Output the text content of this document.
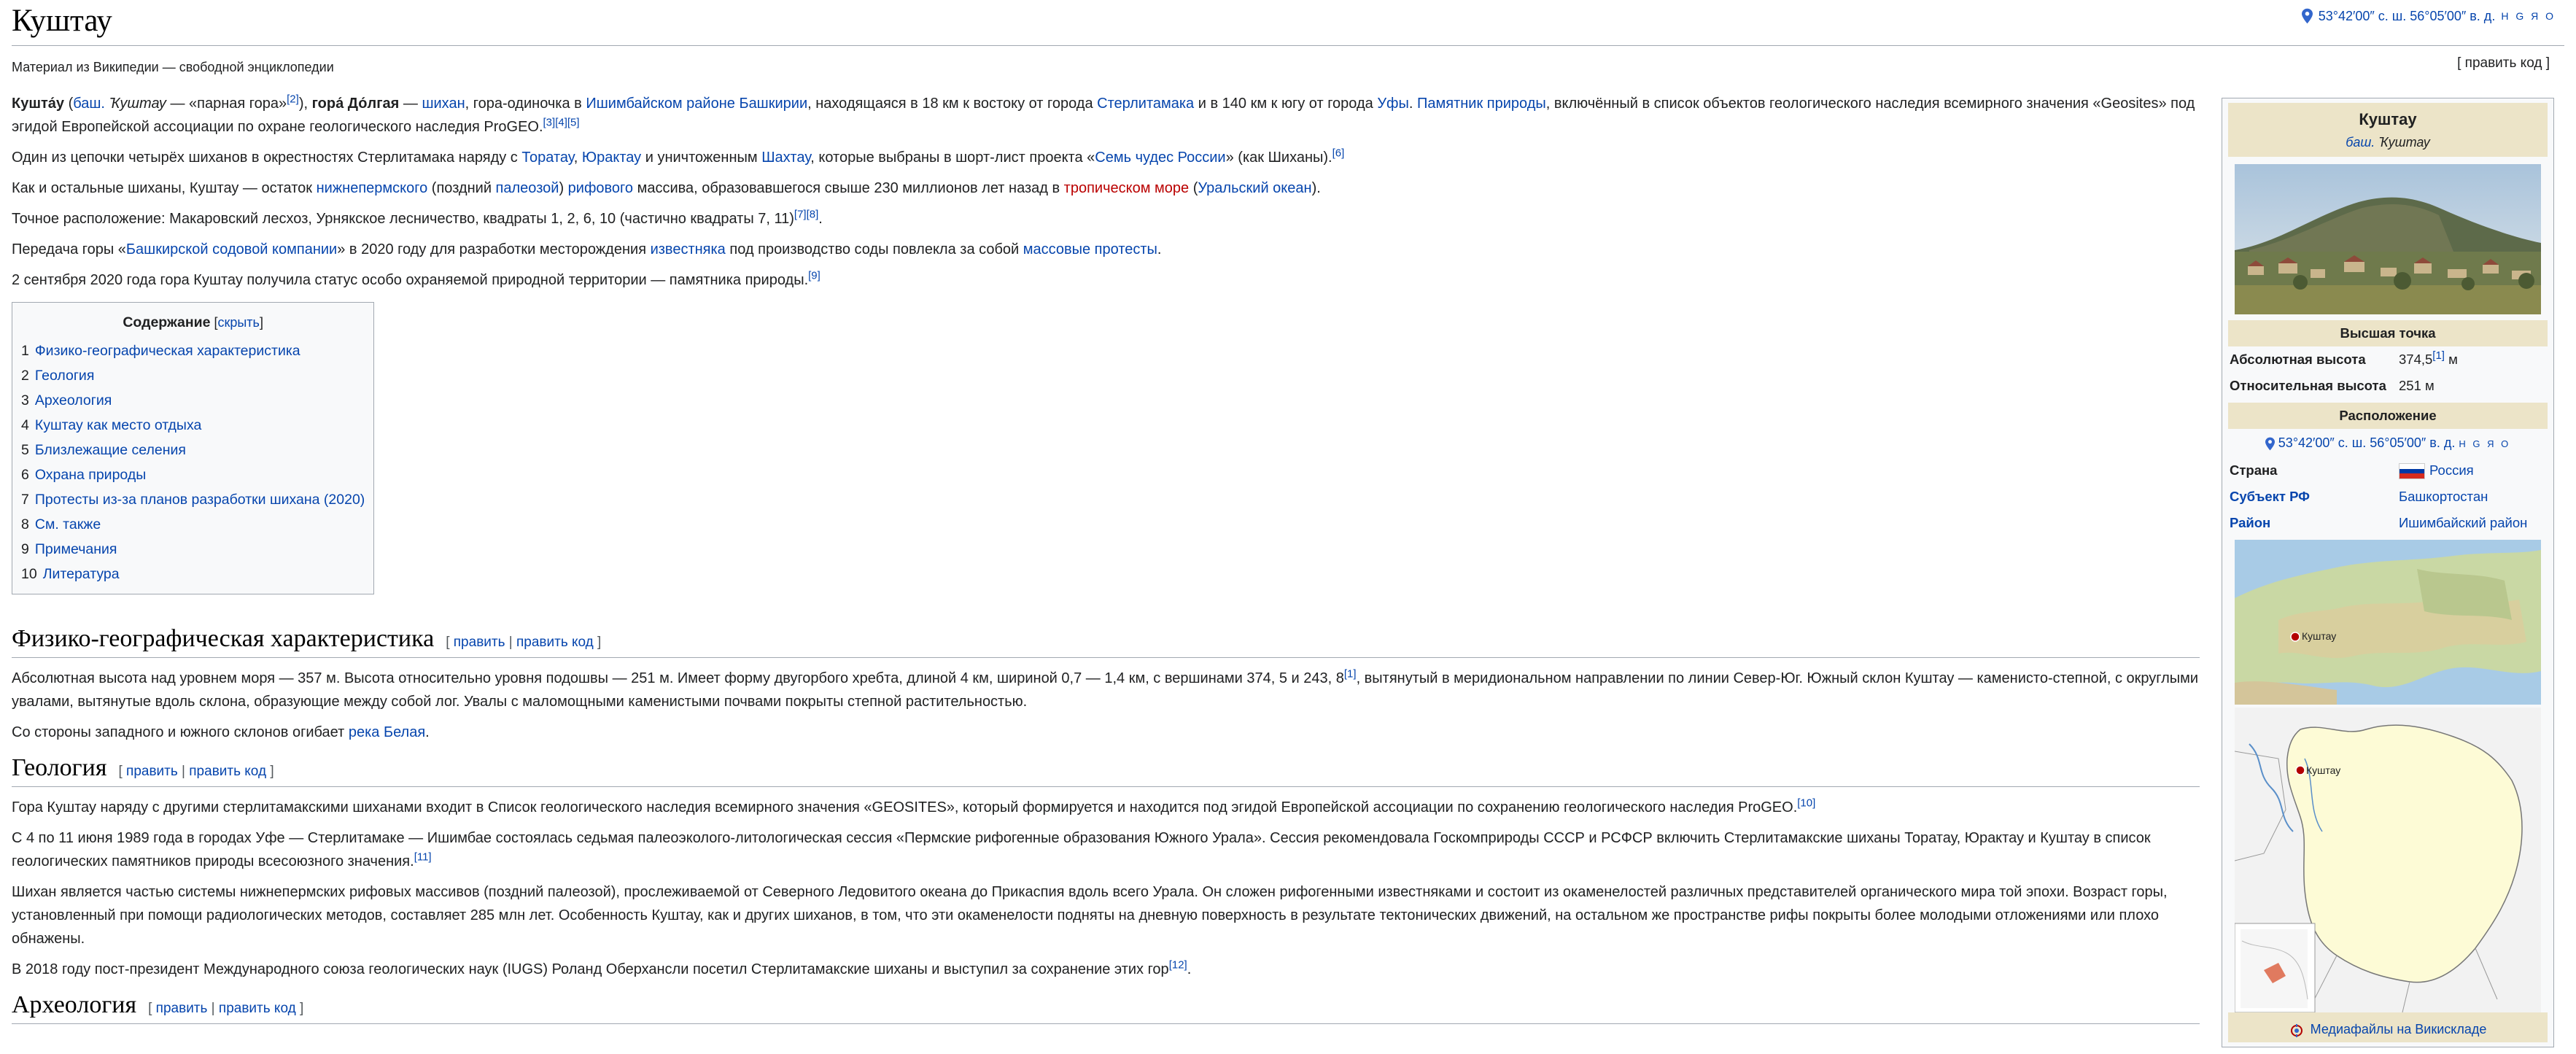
Куштау	53°42′00″ с. ш. 56°05′00″ в. д. H G Я O
Материал из Википедии — свободной энциклопедии	[ править код ]

Кушта́у (баш. Ҡуштау — «парная гора»[2]), гора́ До́лгая — шихан, гора-одиночка в Ишимбайском районе Башкирии, находящаяся в 18 км к востоку от города Стерлитамака и в 140 км к югу от города Уфы. Памятник природы, включённый в список объектов геологического наследия всемирного значения «Geosites» под эгидой Европейской ассоциации по охране геологического наследия ProGEO.[3][4][5]

Один из цепочки четырёх шиханов в окрестностях Стерлитамака наряду с Торатау, Юрактау и уничтоженным Шахтау, которые выбраны в шорт-лист проекта «Семь чудес России» (как Шиханы).[6]

Как и остальные шиханы, Куштау — остаток нижнепермского (поздний палеозой) рифового массива, образовавшегося свыше 230 миллионов лет назад в тропическом море (Уральский океан).

Точное расположение: Макаровский лесхоз, Урнякское лесничество, квадраты 1, 2, 6, 10 (частично квадраты 7, 11)[7][8].

Передача горы «Башкирской содовой компании» в 2020 году для разработки месторождения известняка под производство соды повлекла за собой массовые протесты.

2 сентября 2020 года гора Куштау получила статус особо охраняемой природной территории — памятника природы.[9]

Содержание [скрыть]
1 Физико-географическая характеристика
2 Геология
3 Археология
4 Куштау как место отдыха
5 Близлежащие селения
6 Охрана природы
7 Протесты из-за планов разработки шихана (2020)
8 См. также
9 Примечания
10 Литература
Физико-географическая характеристика [ править | править код ]

Абсолютная высота над уровнем моря — 357 м. Высота относительно уровня подошвы — 251 м. Имеет форму двугорбого хребта, длиной 4 км, шириной 0,7 — 1,4 км, с вершинами 374, 5 и 243, 8[1], вытянутый в меридиональном направлении по линии Север-Юг. Южный склон Куштау — каменисто-степной, с округлыми увалами, вытянутые вдоль склона, образующие между собой лог. Увалы с маломощными каменистыми почвами покрыты степной растительностью.

Со стороны западного и южного склонов огибает река Белая.

Геология [ править | править код ]

Гора Куштау наряду с другими стерлитамакскими шиханами входит в Список геологического наследия всемирного значения «GEOSITES», который формируется и находится под эгидой Европейской ассоциации по сохранению геологического наследия ProGEO.[10]

С 4 по 11 июня 1989 года в городах Уфе — Стерлитамаке — Ишимбае состоялась седьмая палеоэколого-литологическая сессия «Пермские рифогенные образования Южного Урала». Сессия рекомендовала Госкомприроды СССР и РСФСР включить Стерлитамакские шиханы Торатау, Юрактау и Куштау в список геологических памятников природы всесоюзного значения.[11]

Шихан является частью системы нижнепермских рифовых массивов (поздний палеозой), прослеживаемой от Северного Ледовитого океана до Прикаспия вдоль всего Урала. Он сложен рифогенными известняками и состоит из окаменелостей различных представителей органического мира той эпохи. Возраст горы, установленный при помощи радиологических методов, составляет 285 млн лет. Особенность Куштау, как и других шиханов, в том, что эти окаменелости подняты на дневную поверхность в результате тектонических движений, на остальном же пространстве рифы покрыты более молодыми отложениями или плохо обнажены.

В 2018 году пост-президент Международного союза геологических наук (IUGS) Роланд Оберхансли посетил Стерлитамакские шиханы и выступил за сохранение этих гор[12].

Археология [ править | править код ]
Куштау
баш. Ҡуштау
Высшая точка
Абсолютная высота	374,5[1] м
Относительная высота 251 м
Расположение
53°42′00″ с. ш. 56°05′00″ в. д. H G Я O
Страна	Россия
Субъект РФ	Башкортостан
Район	Ишимбайский район
Куштау
Куштау
Медиафайлы на Викискладе
